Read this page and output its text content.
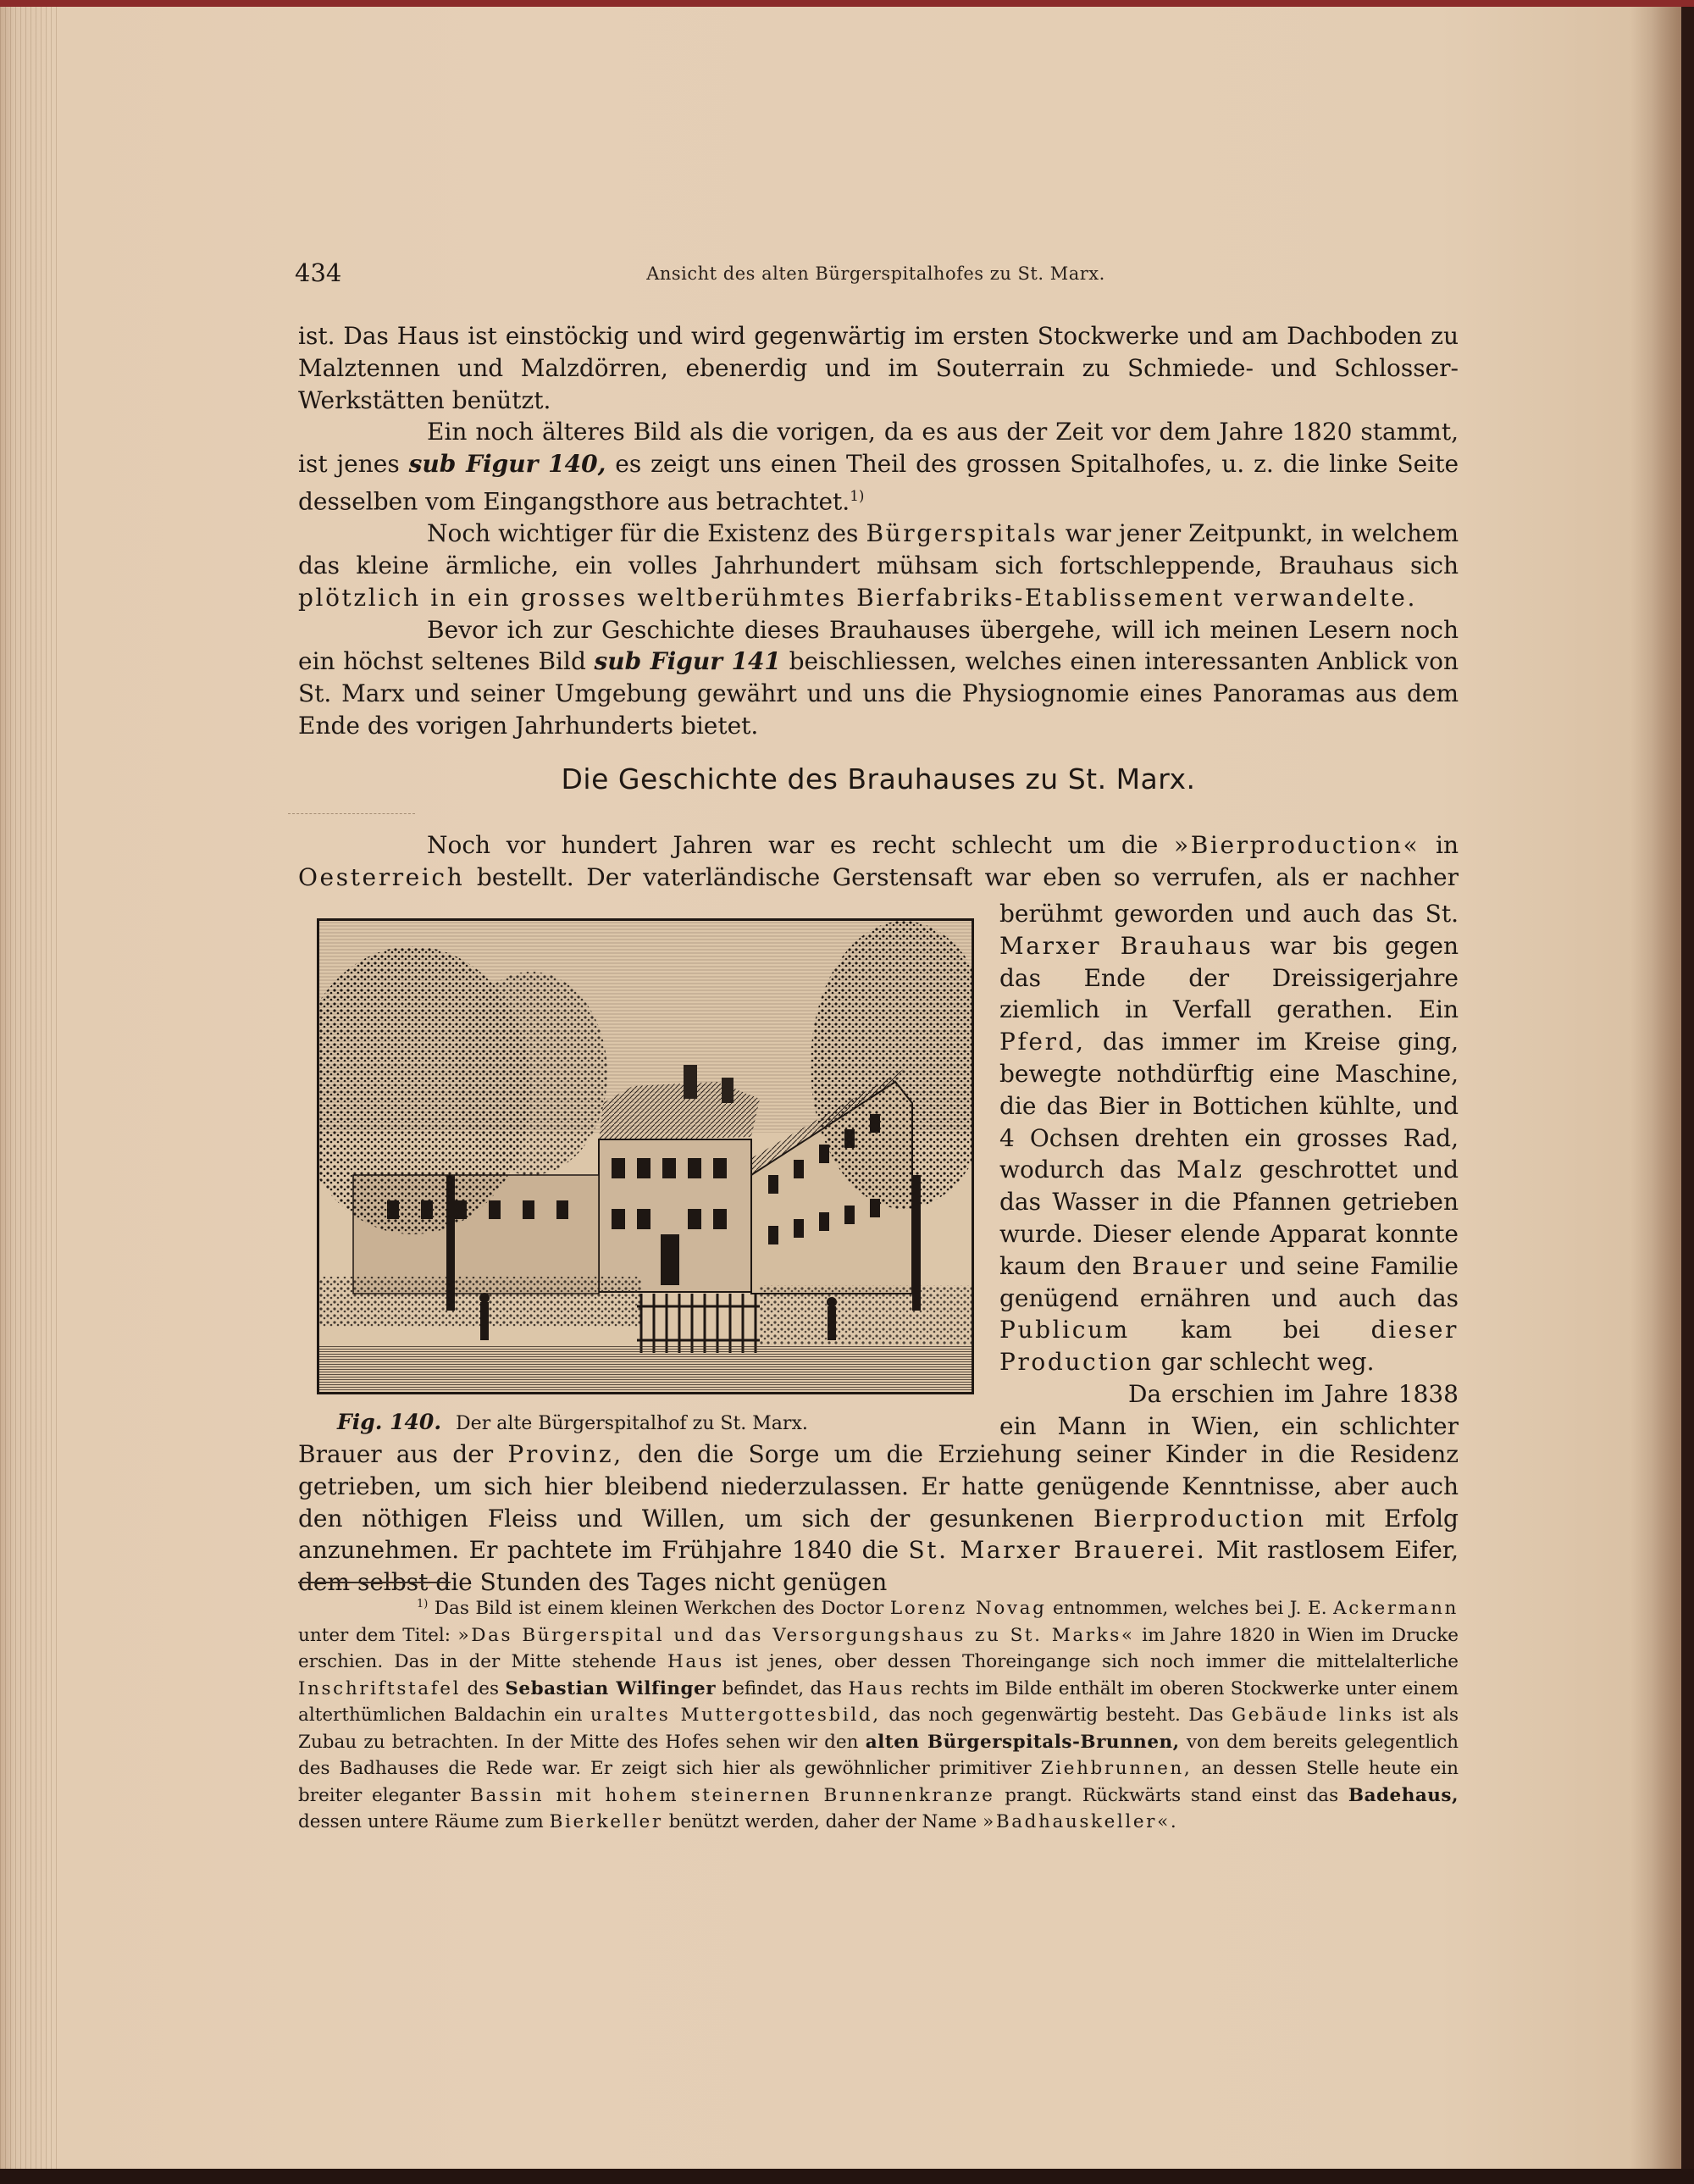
434	Ansicht des alten Bürgerspitalhofes zu St. Marx.

ist. Das Haus ist einstöckig und wird gegenwärtig im ersten Stockwerke und am Dachboden zu Malztennen und Malzdörren, ebenerdig und im Souterrain zu Schmiede- und Schlosser-Werkstätten benützt.

Ein noch älteres Bild als die vorigen, da es aus der Zeit vor dem Jahre 1820 stammt, ist jenes sub Figur 140, es zeigt uns einen Theil des grossen Spitalhofes, u. z. die linke Seite desselben vom Eingangsthore aus betrachtet.$^{1)}$

Noch wichtiger für die Existenz des Bürgerspitals war jener Zeitpunkt, in welchem das kleine ärmliche, ein volles Jahrhundert mühsam sich fortschleppende, Brauhaus sich plötzlich in ein grosses weltberühmtes Bierfabriks-Etablissement verwandelte.

Bevor ich zur Geschichte dieses Brauhauses übergehe, will ich meinen Lesern noch ein höchst seltenes Bild sub Figur 141 beischliessen, welches einen interessanten Anblick von St. Marx und seiner Umgebung gewährt und uns die Physiognomie eines Panoramas aus dem Ende des vorigen Jahrhunderts bietet.

Die Geschichte des Brauhauses zu St. Marx.

Noch vor hundert Jahren war es recht schlecht um die »Bierproduction« in Oesterreich bestellt. Der vaterländische Gerstensaft war eben so verrufen, als er nachher

Fig. 140. Der alte Bürgerspitalhof zu St. Marx.

berühmt geworden und auch das St. Marxer Brauhaus war bis gegen das Ende der Dreissigerjahre ziemlich in Verfall gerathen. Ein Pferd, das immer im Kreise ging, bewegte nothdürftig eine Maschine, die das Bier in Bottichen kühlte, und 4 Ochsen drehten ein grosses Rad, wodurch das Malz geschrottet und das Wasser in die Pfannen getrieben wurde. Dieser elende Apparat konnte kaum den Brauer und seine Familie genügend ernähren und auch das Publicum kam bei dieser Production gar schlecht weg.

Da erschien im Jahre 1838

ein Mann in Wien, ein schlichter

Brauer aus der Provinz, den die Sorge um die Erziehung seiner Kinder in die Residenz getrieben, um sich hier bleibend niederzulassen. Er hatte genügende Kenntnisse, aber auch den nöthigen Fleiss und Willen, um sich der gesunkenen Bierproduction mit Erfolg anzunehmen. Er pachtete im Frühjahre 1840 die St. Marxer Brauerei. Mit rastlosem Eifer, dem selbst die Stunden des Tages nicht genügen

$^{1)}$ Das Bild ist einem kleinen Werkchen des Doctor Lorenz Novag entnommen, welches bei J. E. Ackermann unter dem Titel: »Das Bürgerspital und das Versorgungshaus zu St. Marks« im Jahre 1820 in Wien im Drucke erschien. Das in der Mitte stehende Haus ist jenes, ober dessen Thoreingange sich noch immer die mittelalterliche Inschriftstafel des Sebastian Wilfinger befindet, das Haus rechts im Bilde enthält im oberen Stockwerke unter einem alterthümlichen Baldachin ein uraltes Muttergottesbild, das noch gegenwärtig besteht. Das Gebäude links ist als Zubau zu betrachten. In der Mitte des Hofes sehen wir den alten Bürgerspitals-Brunnen, von dem bereits gelegentlich des Badhauses die Rede war. Er zeigt sich hier als gewöhnlicher primitiver Ziehbrunnen, an dessen Stelle heute ein breiter eleganter Bassin mit hohem steinernen Brunnenkranze prangt. Rückwärts stand einst das Badehaus, dessen untere Räume zum Bierkeller benützt werden, daher der Name »Badhauskeller«.
